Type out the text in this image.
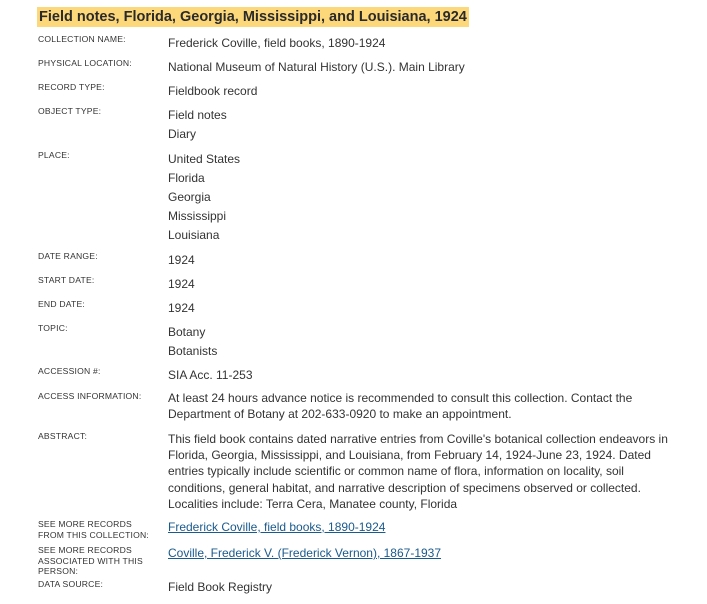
Field notes, Florida, Georgia, Mississippi, and Louisiana, 1924
COLLECTION NAME:	Frederick Coville, field books, 1890-1924
PHYSICAL LOCATION:	National Museum of Natural History (U.S.). Main Library
RECORD TYPE:	Fieldbook record
OBJECT TYPE:	Field notes
Diary
PLACE:	United States
Florida
Georgia
Mississippi
Louisiana
DATE RANGE:	1924
START DATE:	1924
END DATE:	1924
TOPIC:	Botany
Botanists
ACCESSION #:	SIA Acc. 11-253
ACCESS INFORMATION:	At least 24 hours advance notice is recommended to consult this collection. Contact the Department of Botany at 202-633-0920 to make an appointment.
ABSTRACT:	This field book contains dated narrative entries from Coville's botanical collection endeavors in Florida, Georgia, Mississippi, and Louisiana, from February 14, 1924-June 23, 1924. Dated entries typically include scientific or common name of flora, information on locality, soil conditions, general habitat, and narrative description of specimens observed or collected. Localities include: Terra Cera, Manatee county, Florida
SEE MORE RECORDS FROM THIS COLLECTION:
Frederick Coville, field books, 1890-1924
SEE MORE RECORDS ASSOCIATED WITH THIS PERSON:
Coville, Frederick V. (Frederick Vernon), 1867-1937
DATA SOURCE:	Field Book Registry
